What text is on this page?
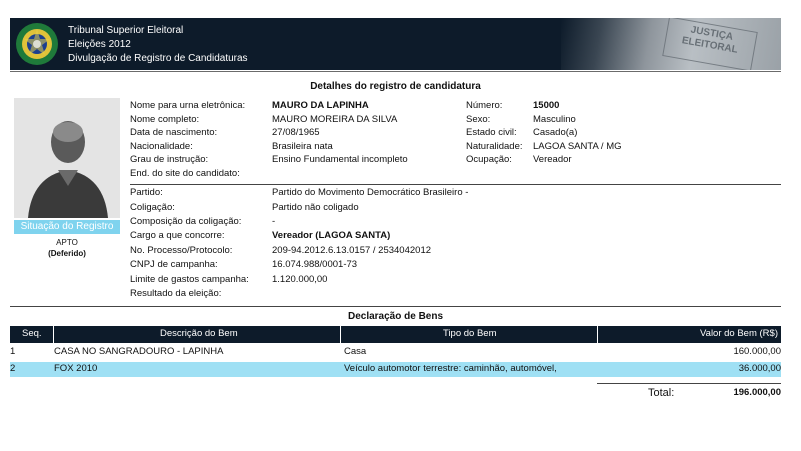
Tribunal Superior Eleitoral
Eleições 2012
Divulgação de Registro de Candidaturas
JUSTIÇA ELEITORAL
Detalhes do registro de candidatura
Situação do Registro
APTO
(Deferido)
Nome para urna eletrônica:	MAURO DA LAPINHA
Nome completo:	MAURO MOREIRA DA SILVA
Data de nascimento:	27/08/1965
Nacionalidade:	Brasileira nata
Grau de instrução:	Ensino Fundamental incompleto
End. do site do candidato:
Número:	15000
Sexo:	Masculino
Estado civil: Casado(a)
Naturalidade: LAGOA SANTA / MG
Ocupação: Vereador
Partido:	Partido do Movimento Democrático Brasileiro -
Coligação:	Partido não coligado
Composição da coligação:	-
Cargo a que concorre:	Vereador (LAGOA SANTA)
No. Processo/Protocolo:	209-94.2012.6.13.0157 / 2534042012
CNPJ de campanha:	16.074.988/0001-73
Limite de gastos campanha: 1.120.000,00
Resultado da eleição:
Declaração de Bens
Seq.	Descrição do Bem	Tipo do Bem	Valor do Bem (R$)
1	CASA NO SANGRADOURO - LAPINHA	Casa	160.000,00
2	FOX 2010	Veículo automotor terrestre: caminhão, automóvel,	36.000,00
Total:	196.000,00
